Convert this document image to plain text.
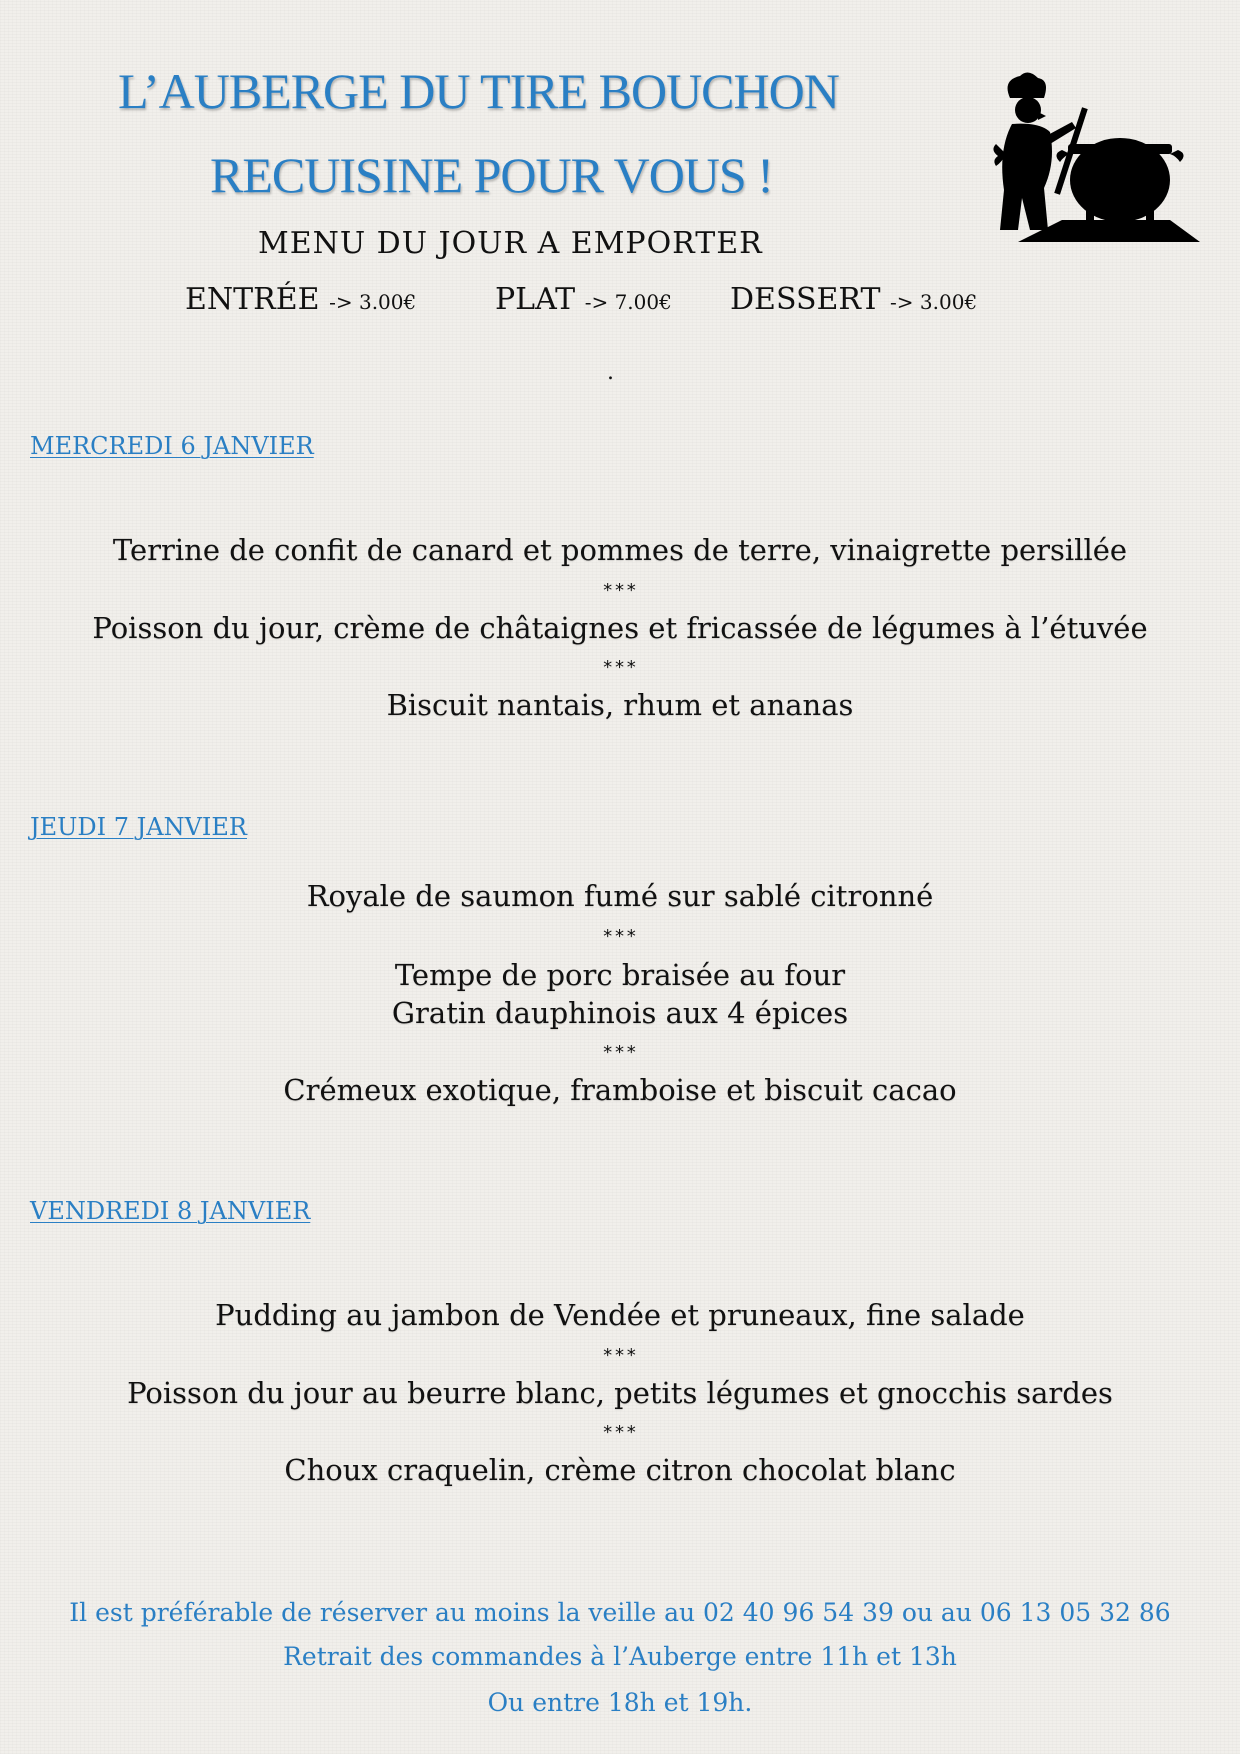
L’AUBERGE DU TIRE BOUCHON
RECUISINE POUR VOUS !
MENU DU JOUR A EMPORTER
ENTRÉE -> 3.00€	PLAT -> 7.00€ DESSERT -> 3.00€
.
MERCREDI 6 JANVIER
Terrine de confit de canard et pommes de terre, vinaigrette persillée
***
Poisson du jour, crème de châtaignes et fricassée de légumes à l’étuvée
***
Biscuit nantais, rhum et ananas
JEUDI 7 JANVIER
Royale de saumon fumé sur sablé citronné
***
Tempe de porc braisée au four
Gratin dauphinois aux 4 épices
***
Crémeux exotique, framboise et biscuit cacao
VENDREDI 8 JANVIER
Pudding au jambon de Vendée et pruneaux, fine salade
***
Poisson du jour au beurre blanc, petits légumes et gnocchis sardes
***
Choux craquelin, crème citron chocolat blanc
Il est préférable de réserver au moins la veille au 02 40 96 54 39 ou au 06 13 05 32 86
Retrait des commandes à l’Auberge entre 11h et 13h
Ou entre 18h et 19h.
